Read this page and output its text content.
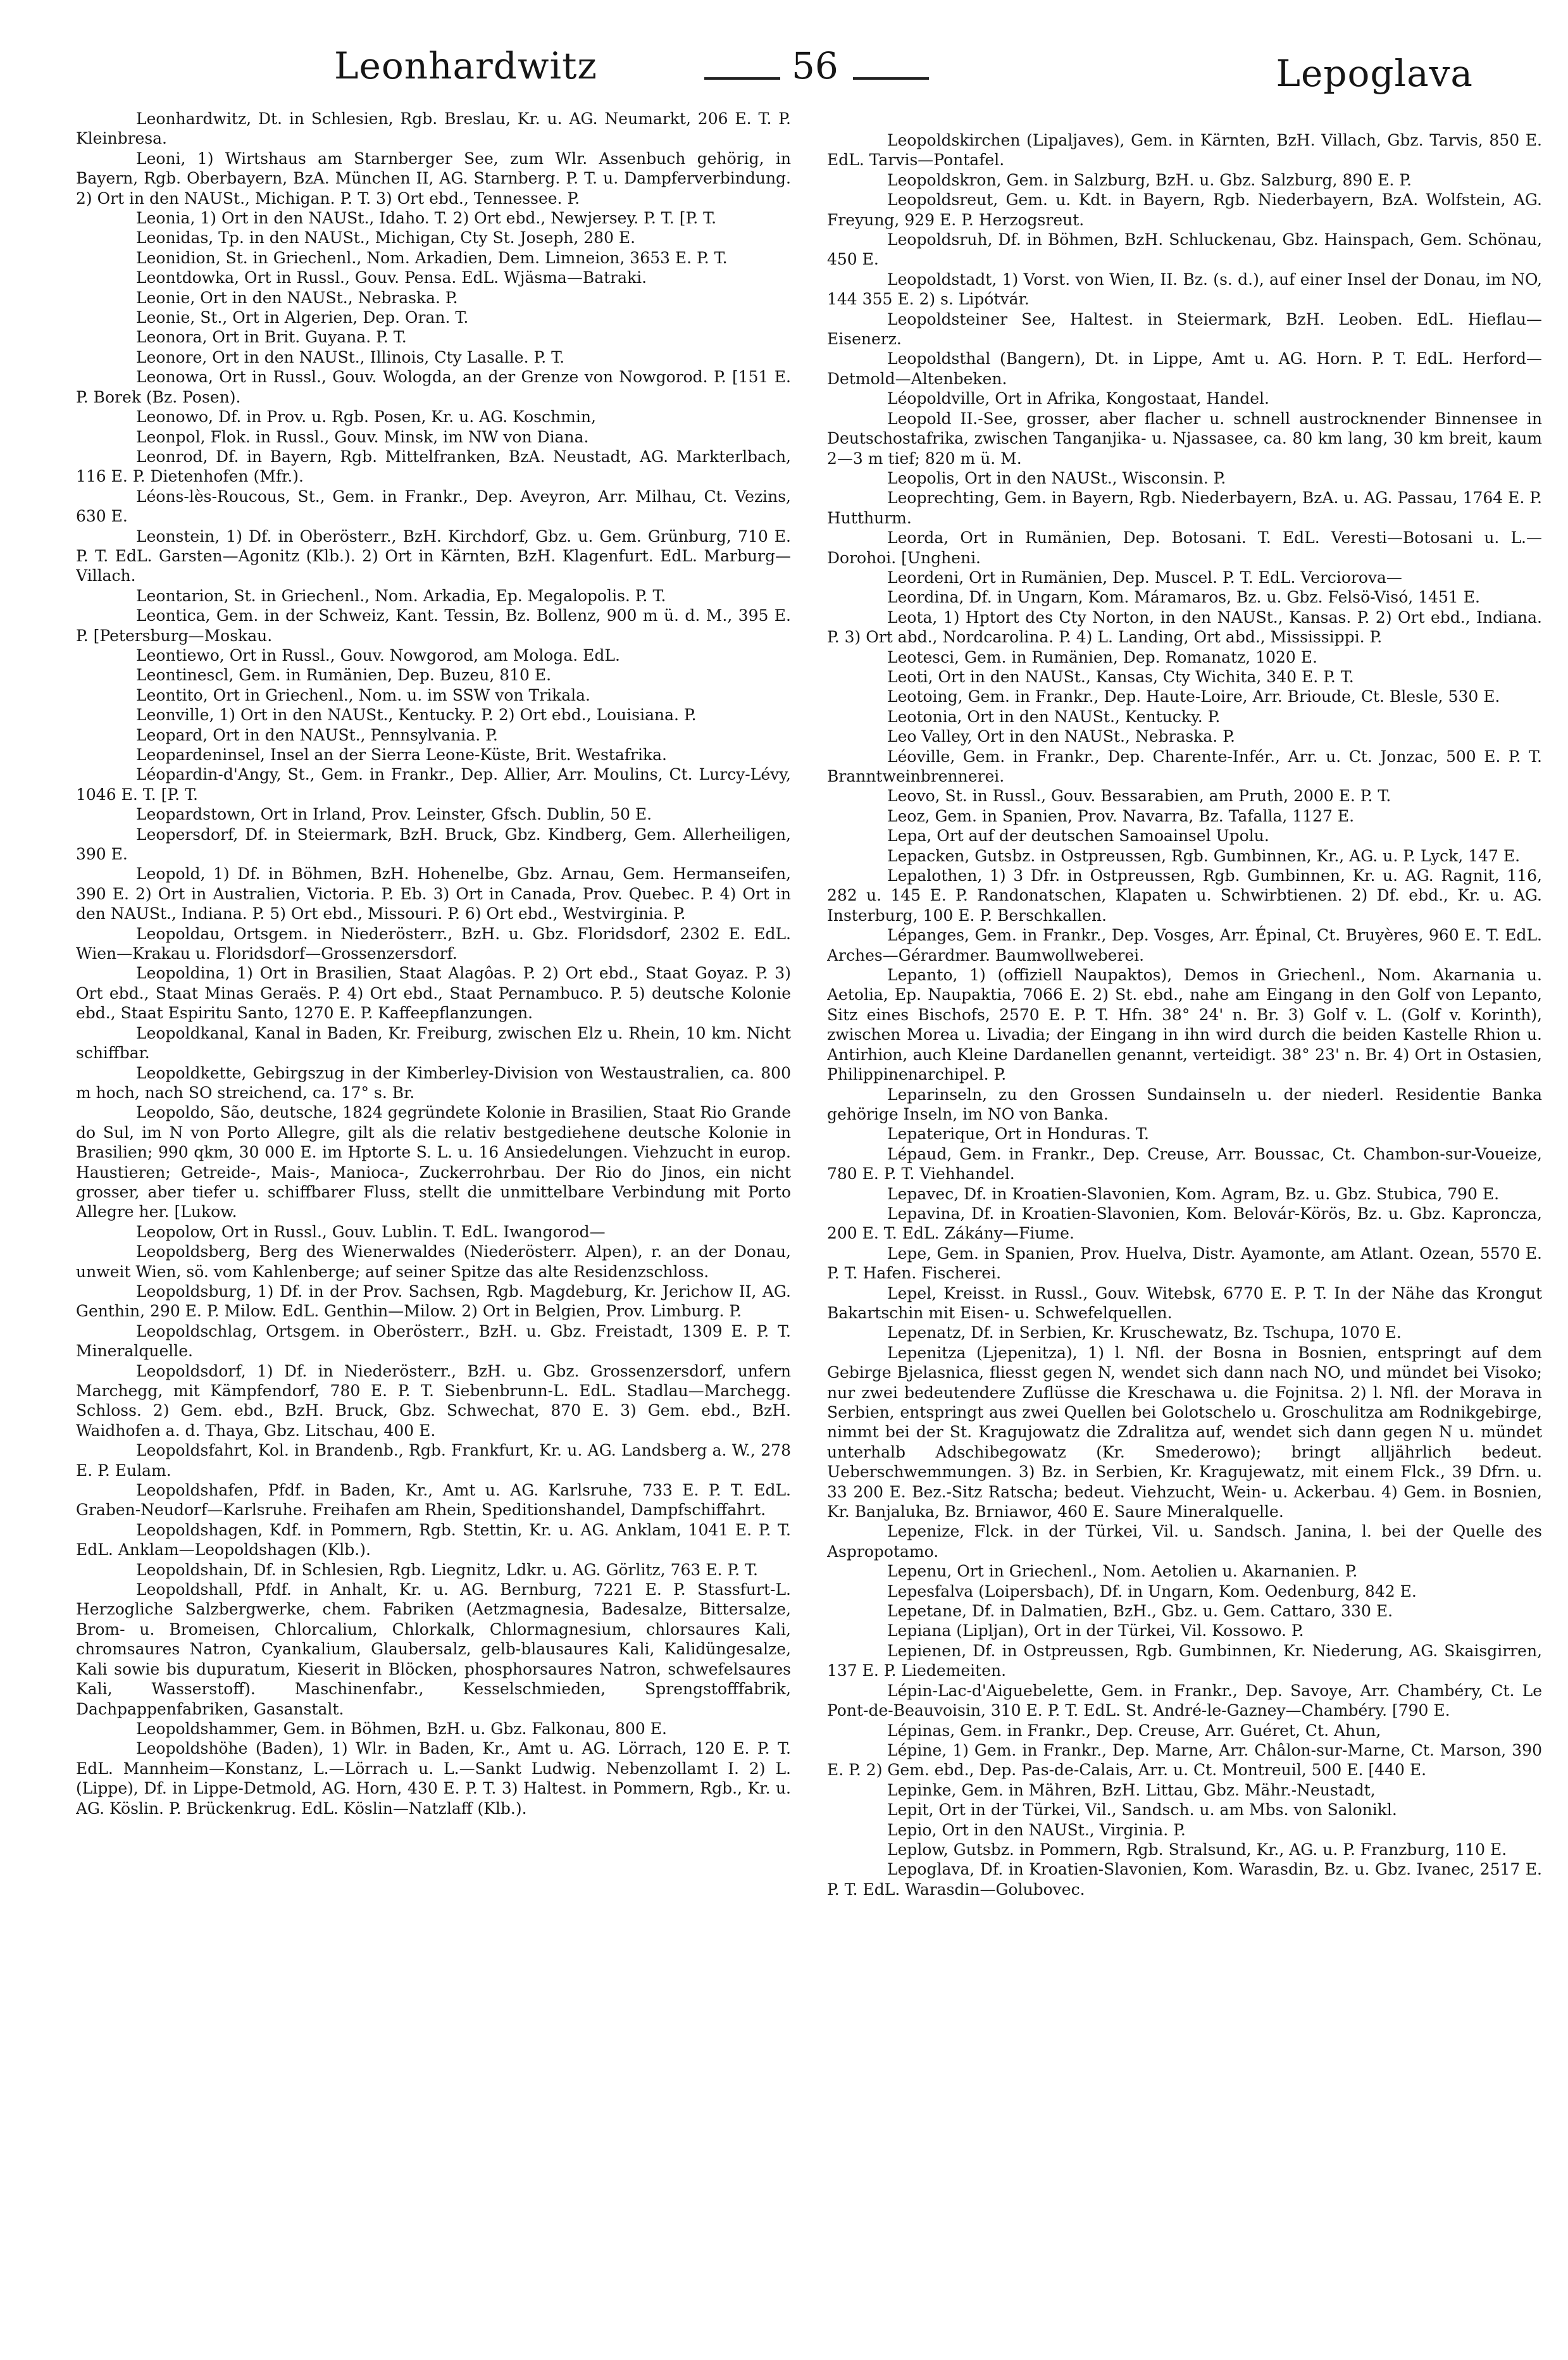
Leonhardwitz	56	Lepoglava

Leonhardwitz, Dt. in Schlesien, Rgb. Breslau, Kr. u. AG. Neumarkt, 206 E. T. P. Kleinbresa.

Leoni, 1) Wirtshaus am Starnberger See, zum Wlr. Assenbuch gehörig, in Bayern, Rgb. Oberbayern, BzA. München II, AG. Starnberg. P. T. u. Dampferverbindung. 2) Ort in den NAUSt., Michigan. P. T. 3) Ort ebd., Tennessee. P.

Leonia, 1) Ort in den NAUSt., Idaho. T. 2) Ort ebd., Newjersey. P. T. [P. T.

Leonidas, Tp. in den NAUSt., Michigan, Cty St. Joseph, 280 E.

Leonidion, St. in Griechenl., Nom. Arkadien, Dem. Limneion, 3653 E. P. T.

Leontdowka, Ort in Russl., Gouv. Pensa. EdL. Wjäsma—Batraki.

Leonie, Ort in den NAUSt., Nebraska. P.

Leonie, St., Ort in Algerien, Dep. Oran. T.

Leonora, Ort in Brit. Guyana. P. T.

Leonore, Ort in den NAUSt., Illinois, Cty Lasalle. P. T.

Leonowa, Ort in Russl., Gouv. Wologda, an der Grenze von Nowgorod. P. [151 E. P. Borek (Bz. Posen).

Leonowo, Df. in Prov. u. Rgb. Posen, Kr. u. AG. Koschmin,

Leonpol, Flok. in Russl., Gouv. Minsk, im NW von Diana.

Leonrod, Df. in Bayern, Rgb. Mittelfranken, BzA. Neustadt, AG. Markterlbach, 116 E. P. Dietenhofen (Mfr.).

Léons-lès-Roucous, St., Gem. in Frankr., Dep. Aveyron, Arr. Milhau, Ct. Vezins, 630 E.

Leonstein, 1) Df. in Oberösterr., BzH. Kirchdorf, Gbz. u. Gem. Grünburg, 710 E. P. T. EdL. Garsten—Agonitz (Klb.). 2) Ort in Kärnten, BzH. Klagenfurt. EdL. Marburg—Villach.

Leontarion, St. in Griechenl., Nom. Arkadia, Ep. Megalopolis. P. T.

Leontica, Gem. in der Schweiz, Kant. Tessin, Bz. Bollenz, 900 m ü. d. M., 395 E. P. [Petersburg—Moskau.

Leontiewo, Ort in Russl., Gouv. Nowgorod, am Mologa. EdL.

Leontinescl, Gem. in Rumänien, Dep. Buzeu, 810 E.

Leontito, Ort in Griechenl., Nom. u. im SSW von Trikala.

Leonville, 1) Ort in den NAUSt., Kentucky. P. 2) Ort ebd., Louisiana. P.

Leopard, Ort in den NAUSt., Pennsylvania. P.

Leopardeninsel, Insel an der Sierra Leone-Küste, Brit. Westafrika.

Léopardin-d'Angy, St., Gem. in Frankr., Dep. Allier, Arr. Moulins, Ct. Lurcy-Lévy, 1046 E. T. [P. T.

Leopardstown, Ort in Irland, Prov. Leinster, Gfsch. Dublin, 50 E.

Leopersdorf, Df. in Steiermark, BzH. Bruck, Gbz. Kindberg, Gem. Allerheiligen, 390 E.

Leopold, 1) Df. in Böhmen, BzH. Hohenelbe, Gbz. Arnau, Gem. Hermanseifen, 390 E. 2) Ort in Australien, Victoria. P. Eb. 3) Ort in Canada, Prov. Quebec. P. 4) Ort in den NAUSt., Indiana. P. 5) Ort ebd., Missouri. P. 6) Ort ebd., Westvirginia. P.

Leopoldau, Ortsgem. in Niederösterr., BzH. u. Gbz. Floridsdorf, 2302 E. EdL. Wien—Krakau u. Floridsdorf—Grossenzersdorf.

Leopoldina, 1) Ort in Brasilien, Staat Alagôas. P. 2) Ort ebd., Staat Goyaz. P. 3) Ort ebd., Staat Minas Geraës. P. 4) Ort ebd., Staat Pernambuco. P. 5) deutsche Kolonie ebd., Staat Espiritu Santo, 1270 E. P. Kaffeepflanzungen.

Leopoldkanal, Kanal in Baden, Kr. Freiburg, zwischen Elz u. Rhein, 10 km. Nicht schiffbar.

Leopoldkette, Gebirgszug in der Kimberley-Division von Westaustralien, ca. 800 m hoch, nach SO streichend, ca. 17° s. Br.

Leopoldo, São, deutsche, 1824 gegründete Kolonie in Brasilien, Staat Rio Grande do Sul, im N von Porto Allegre, gilt als die relativ bestgediehene deutsche Kolonie in Brasilien; 990 qkm, 30 000 E. im Hptorte S. L. u. 16 Ansiedelungen. Viehzucht in europ. Haustieren; Getreide-, Mais-, Manioca-, Zuckerrohrbau. Der Rio do Jinos, ein nicht grosser, aber tiefer u. schiffbarer Fluss, stellt die unmittelbare Verbindung mit Porto Allegre her. [Lukow.

Leopolow, Ort in Russl., Gouv. Lublin. T. EdL. Iwangorod—

Leopoldsberg, Berg des Wienerwaldes (Niederösterr. Alpen), r. an der Donau, unweit Wien, sö. vom Kahlenberge; auf seiner Spitze das alte Residenzschloss.

Leopoldsburg, 1) Df. in der Prov. Sachsen, Rgb. Magdeburg, Kr. Jerichow II, AG. Genthin, 290 E. P. Milow. EdL. Genthin—Milow. 2) Ort in Belgien, Prov. Limburg. P.

Leopoldschlag, Ortsgem. in Oberösterr., BzH. u. Gbz. Freistadt, 1309 E. P. T. Mineralquelle.

Leopoldsdorf, 1) Df. in Niederösterr., BzH. u. Gbz. Grossenzersdorf, unfern Marchegg, mit Kämpfendorf, 780 E. P. T. Siebenbrunn-L. EdL. Stadlau—Marchegg. Schloss. 2) Gem. ebd., BzH. Bruck, Gbz. Schwechat, 870 E. 3) Gem. ebd., BzH. Waidhofen a. d. Thaya, Gbz. Litschau, 400 E.

Leopoldsfahrt, Kol. in Brandenb., Rgb. Frankfurt, Kr. u. AG. Landsberg a. W., 278 E. P. Eulam.

Leopoldshafen, Pfdf. in Baden, Kr., Amt u. AG. Karlsruhe, 733 E. P. T. EdL. Graben-Neudorf—Karlsruhe. Freihafen am Rhein, Speditionshandel, Dampfschiffahrt.

Leopoldshagen, Kdf. in Pommern, Rgb. Stettin, Kr. u. AG. Anklam, 1041 E. P. T. EdL. Anklam—Leopoldshagen (Klb.).

Leopoldshain, Df. in Schlesien, Rgb. Liegnitz, Ldkr. u. AG. Görlitz, 763 E. P. T.

Leopoldshall, Pfdf. in Anhalt, Kr. u. AG. Bernburg, 7221 E. P. Stassfurt-L. Herzogliche Salzbergwerke, chem. Fabriken (Aetzmagnesia, Badesalze, Bittersalze, Brom- u. Bromeisen, Chlorcalium, Chlorkalk, Chlormagnesium, chlorsaures Kali, chromsaures Natron, Cyankalium, Glaubersalz, gelb-blausaures Kali, Kalidüngesalze, Kali sowie bis dupuratum, Kieserit in Blöcken, phosphorsaures Natron, schwefelsaures Kali, Wasserstoff). Maschinenfabr., Kesselschmieden, Sprengstofffabrik, Dachpappenfabriken, Gasanstalt.

Leopoldshammer, Gem. in Böhmen, BzH. u. Gbz. Falkonau, 800 E.

Leopoldshöhe (Baden), 1) Wlr. in Baden, Kr., Amt u. AG. Lörrach, 120 E. P. T. EdL. Mannheim—Konstanz, L.—Lörrach u. L.—Sankt Ludwig. Nebenzollamt I. 2) L. (Lippe), Df. in Lippe-Detmold, AG. Horn, 430 E. P. T. 3) Haltest. in Pommern, Rgb., Kr. u. AG. Köslin. P. Brückenkrug. EdL. Köslin—Natzlaff (Klb.).

Leopoldskirchen (Lipaljaves), Gem. in Kärnten, BzH. Villach, Gbz. Tarvis, 850 E. EdL. Tarvis—Pontafel.

Leopoldskron, Gem. in Salzburg, BzH. u. Gbz. Salzburg, 890 E. P.

Leopoldsreut, Gem. u. Kdt. in Bayern, Rgb. Niederbayern, BzA. Wolfstein, AG. Freyung, 929 E. P. Herzogsreut.

Leopoldsruh, Df. in Böhmen, BzH. Schluckenau, Gbz. Hainspach, Gem. Schönau, 450 E.

Leopoldstadt, 1) Vorst. von Wien, II. Bz. (s. d.), auf einer Insel der Donau, im NO, 144 355 E. 2) s. Lipótvár.

Leopoldsteiner See, Haltest. in Steiermark, BzH. Leoben. EdL. Hieflau—Eisenerz.

Leopoldsthal (Bangern), Dt. in Lippe, Amt u. AG. Horn. P. T. EdL. Herford—Detmold—Altenbeken.

Léopoldville, Ort in Afrika, Kongostaat, Handel.

Leopold II.-See, grosser, aber flacher u. schnell austrocknender Binnensee in Deutschostafrika, zwischen Tanganjika- u. Njassasee, ca. 80 km lang, 30 km breit, kaum 2—3 m tief; 820 m ü. M.

Leopolis, Ort in den NAUSt., Wisconsin. P.

Leoprechting, Gem. in Bayern, Rgb. Niederbayern, BzA. u. AG. Passau, 1764 E. P. Hutthurm.

Leorda, Ort in Rumänien, Dep. Botosani. T. EdL. Veresti—Botosani u. L.—Dorohoi. [Ungheni.

Leordeni, Ort in Rumänien, Dep. Muscel. P. T. EdL. Verciorova—

Leordina, Df. in Ungarn, Kom. Máramaros, Bz. u. Gbz. Felsö-Visó, 1451 E.

Leota, 1) Hptort des Cty Norton, in den NAUSt., Kansas. P. 2) Ort ebd., Indiana. P. 3) Ort abd., Nordcarolina. P. 4) L. Landing, Ort abd., Mississippi. P.

Leotesci, Gem. in Rumänien, Dep. Romanatz, 1020 E.

Leoti, Ort in den NAUSt., Kansas, Cty Wichita, 340 E. P. T.

Leotoing, Gem. in Frankr., Dep. Haute-Loire, Arr. Brioude, Ct. Blesle, 530 E.

Leotonia, Ort in den NAUSt., Kentucky. P.

Leo Valley, Ort in den NAUSt., Nebraska. P.

Léoville, Gem. in Frankr., Dep. Charente-Infér., Arr. u. Ct. Jonzac, 500 E. P. T. Branntweinbrennerei.

Leovo, St. in Russl., Gouv. Bessarabien, am Pruth, 2000 E. P. T.

Leoz, Gem. in Spanien, Prov. Navarra, Bz. Tafalla, 1127 E.

Lepa, Ort auf der deutschen Samoainsel Upolu.

Lepacken, Gutsbz. in Ostpreussen, Rgb. Gumbinnen, Kr., AG. u. P. Lyck, 147 E.

Lepalothen, 1) 3 Dfr. in Ostpreussen, Rgb. Gumbinnen, Kr. u. AG. Ragnit, 116, 282 u. 145 E. P. Randonatschen, Klapaten u. Schwirbtienen. 2) Df. ebd., Kr. u. AG. Insterburg, 100 E. P. Berschkallen.

Lépanges, Gem. in Frankr., Dep. Vosges, Arr. Épinal, Ct. Bruyères, 960 E. T. EdL. Arches—Gérardmer. Baumwollweberei.

Lepanto, 1) (offiziell Naupaktos), Demos in Griechenl., Nom. Akarnania u. Aetolia, Ep. Naupaktia, 7066 E. 2) St. ebd., nahe am Eingang in den Golf von Lepanto, Sitz eines Bischofs, 2570 E. P. T. Hfn. 38° 24' n. Br. 3) Golf v. L. (Golf v. Korinth), zwischen Morea u. Livadia; der Eingang in ihn wird durch die beiden Kastelle Rhion u. Antirhion, auch Kleine Dardanellen genannt, verteidigt. 38° 23' n. Br. 4) Ort in Ostasien, Philippinenarchipel. P.

Leparinseln, zu den Grossen Sundainseln u. der niederl. Residentie Banka gehörige Inseln, im NO von Banka.

Lepaterique, Ort in Honduras. T.

Lépaud, Gem. in Frankr., Dep. Creuse, Arr. Boussac, Ct. Chambon-sur-Voueize, 780 E. P. T. Viehhandel.

Lepavec, Df. in Kroatien-Slavonien, Kom. Agram, Bz. u. Gbz. Stubica, 790 E.

Lepavina, Df. in Kroatien-Slavonien, Kom. Belovár-Körös, Bz. u. Gbz. Kaproncza, 200 E. T. EdL. Zákány—Fiume.

Lepe, Gem. in Spanien, Prov. Huelva, Distr. Ayamonte, am Atlant. Ozean, 5570 E. P. T. Hafen. Fischerei.

Lepel, Kreisst. in Russl., Gouv. Witebsk, 6770 E. P. T. In der Nähe das Krongut Bakartschin mit Eisen- u. Schwefelquellen.

Lepenatz, Df. in Serbien, Kr. Kruschewatz, Bz. Tschupa, 1070 E.

Lepenitza (Ljepenitza), 1) l. Nfl. der Bosna in Bosnien, entspringt auf dem Gebirge Bjelasnica, fliesst gegen N, wendet sich dann nach NO, und mündet bei Visoko; nur zwei bedeutendere Zuflüsse die Kreschawa u. die Fojnitsa. 2) l. Nfl. der Morava in Serbien, entspringt aus zwei Quellen bei Golotschelo u. Groschulitza am Rodnikgebirge, nimmt bei der St. Kragujowatz die Zdralitza auf, wendet sich dann gegen N u. mündet unterhalb Adschibegowatz (Kr. Smederowo); bringt alljährlich bedeut. Ueberschwemmungen. 3) Bz. in Serbien, Kr. Kragujewatz, mit einem Flck., 39 Dfrn. u. 33 200 E. Bez.-Sitz Ratscha; bedeut. Viehzucht, Wein- u. Ackerbau. 4) Gem. in Bosnien, Kr. Banjaluka, Bz. Brniawor, 460 E. Saure Mineralquelle.

Lepenize, Flck. in der Türkei, Vil. u. Sandsch. Janina, l. bei der Quelle des Aspropotamo.

Lepenu, Ort in Griechenl., Nom. Aetolien u. Akarnanien. P.

Lepesfalva (Loipersbach), Df. in Ungarn, Kom. Oedenburg, 842 E.

Lepetane, Df. in Dalmatien, BzH., Gbz. u. Gem. Cattaro, 330 E.

Lepiana (Lipljan), Ort in der Türkei, Vil. Kossowo. P.

Lepienen, Df. in Ostpreussen, Rgb. Gumbinnen, Kr. Niederung, AG. Skaisgirren, 137 E. P. Liedemeiten.

Lépin-Lac-d'Aiguebelette, Gem. in Frankr., Dep. Savoye, Arr. Chambéry, Ct. Le Pont-de-Beauvoisin, 310 E. P. T. EdL. St. André-le-Gazney—Chambéry. [790 E.

Lépinas, Gem. in Frankr., Dep. Creuse, Arr. Guéret, Ct. Ahun,

Lépine, 1) Gem. in Frankr., Dep. Marne, Arr. Châlon-sur-Marne, Ct. Marson, 390 E. P. 2) Gem. ebd., Dep. Pas-de-Calais, Arr. u. Ct. Montreuil, 500 E. [440 E.

Lepinke, Gem. in Mähren, BzH. Littau, Gbz. Mähr.-Neustadt,

Lepit, Ort in der Türkei, Vil., Sandsch. u. am Mbs. von Salonikl.

Lepio, Ort in den NAUSt., Virginia. P.

Leplow, Gutsbz. in Pommern, Rgb. Stralsund, Kr., AG. u. P. Franzburg, 110 E.

Lepoglava, Df. in Kroatien-Slavonien, Kom. Warasdin, Bz. u. Gbz. Ivanec, 2517 E. P. T. EdL. Warasdin—Golubovec.
